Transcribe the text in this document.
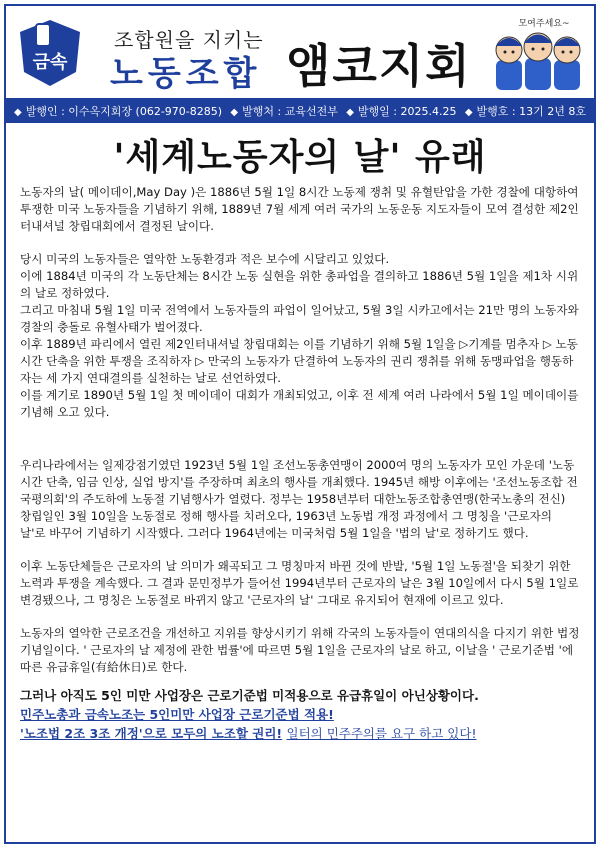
금속
조합원을 지키는
노동조합 앰코지회
모여주세요~
◆ 발행인 : 이수옥지회장 (062-970-8285) ◆ 발행처 : 교육선전부 ◆ 발행일 : 2025.4.25 ◆ 발행호 : 13기 2년 8호
'세계노동자의 날' 유래

노동자의 날( 메이데이,May Day )은 1886년 5월 1일 8시간 노동제 쟁취 및 유혈탄압을 가한 경찰에 대항하여 투쟁한 미국 노동자들을 기념하기 위해, 1889년 7월 세계 여러 국가의 노동운동 지도자들이 모여 결성한 제2인터내셔널 창립대회에서 결정된 날이다.

당시 미국의 노동자들은 열악한 노동환경과 적은 보수에 시달리고 있었다.

이에 1884년 미국의 각 노동단체는 8시간 노동 실현을 위한 총파업을 결의하고 1886년 5월 1일을 제1차 시위의 날로 정하였다.

그리고 마침내 5월 1일 미국 전역에서 노동자들의 파업이 일어났고, 5월 3일 시카고에서는 21만 명의 노동자와 경찰의 충돌로 유혈사태가 벌어졌다.

이후 1889년 파리에서 열린 제2인터내셔널 창립대회는 이를 기념하기 위해 5월 1일을 ▷기계를 멈추자 ▷ 노동시간 단축을 위한 투쟁을 조직하자 ▷ 만국의 노동자가 단결하여 노동자의 권리 쟁취를 위해 동맹파업을 행동하자는 세 가지 연대결의를 실천하는 날로 선언하였다.

이를 계기로 1890년 5월 1일 첫 메이데이 대회가 개최되었고, 이후 전 세계 여러 나라에서 5월 1일 메이데이를 기념해 오고 있다.

우리나라에서는 일제강점기였던 1923년 5월 1일 조선노동총연맹이 2000여 명의 노동자가 모인 가운데 '노동시간 단축, 임금 인상, 실업 방지'를 주장하며 최초의 행사를 개최했다. 1945년 해방 이후에는 '조선노동조합 전국평의회'의 주도하에 노동절 기념행사가 열렸다. 정부는 1958년부터 대한노동조합총연맹(한국노총의 전신) 창립일인 3월 10일을 노동절로 정해 행사를 치러오다, 1963년 노동법 개정 과정에서 그 명칭을 '근로자의 날'로 바꾸어 기념하기 시작했다. 그러다 1964년에는 미국처럼 5월 1일을 '법의 날'로 정하기도 했다.

이후 노동단체들은 근로자의 날 의미가 왜곡되고 그 명칭마저 바뀐 것에 반발, '5월 1일 노동절'을 되찾기 위한 노력과 투쟁을 계속했다. 그 결과 문민정부가 들어선 1994년부터 근로자의 날은 3월 10일에서 다시 5월 1일로 변경됐으나, 그 명칭은 노동절로 바뀌지 않고 '근로자의 날' 그대로 유지되어 현재에 이르고 있다.

노동자의 열악한 근로조건을 개선하고 지위를 향상시키기 위해 각국의 노동자들이 연대의식을 다지기 위한 법정기념일이다. ' 근로자의 날 제정에 관한 법률'에 따르면 5월 1일을 근로자의 날로 하고, 이날을 ' 근로기준법 '에 따른 유급휴일(有給休日)로 한다.

그러나 아직도 5인 미만 사업장은 근로기준법 미적용으로 유급휴일이 아닌상황이다.
민주노총과 금속노조는 5인미만 사업장 근로기준법 적용!
'노조법 2조 3조 개정'으로 모두의 노조할 권리! 일터의 민주주의를 요구 하고 있다!
